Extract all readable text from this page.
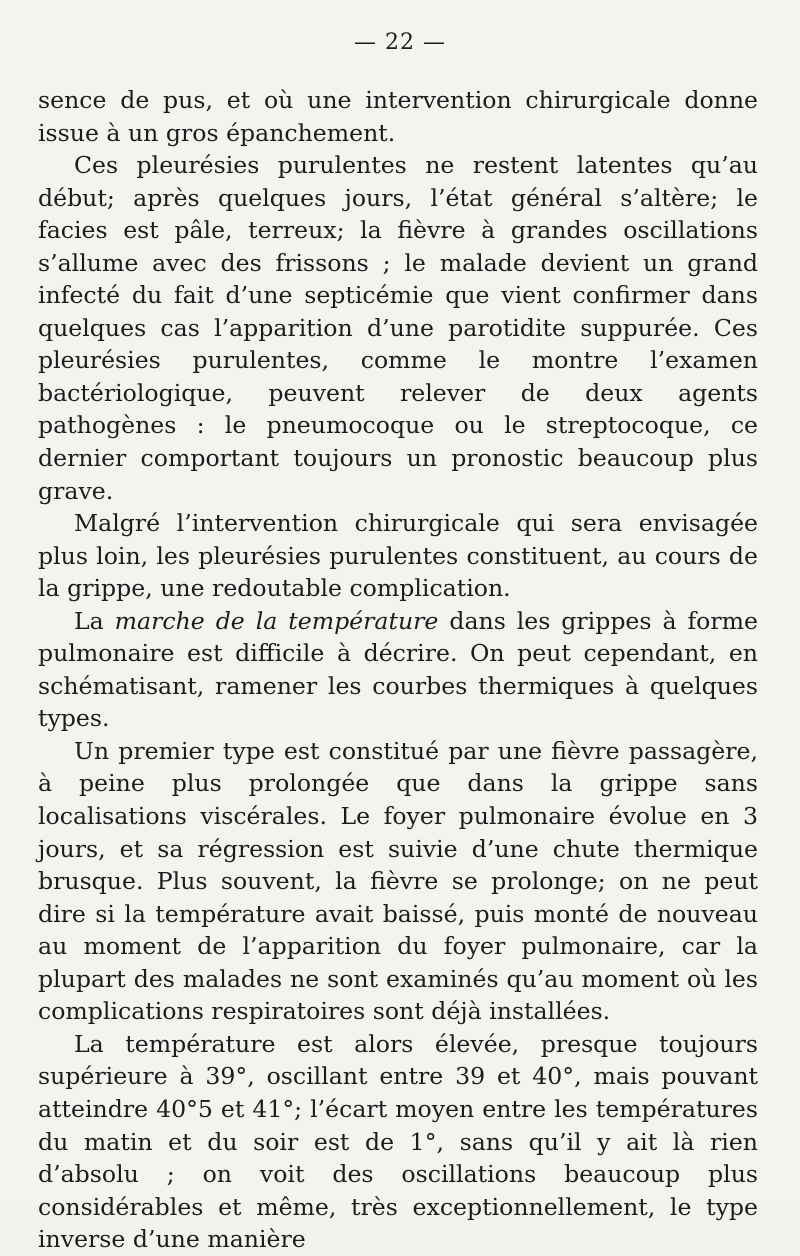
— 22 —

sence de pus, et où une intervention chirurgicale donne issue à un gros épanchement.

Ces pleurésies purulentes ne restent latentes qu’au début; après quelques jours, l’état général s’altère; le facies est pâle, terreux; la fièvre à grandes oscillations s’allume avec des frissons ; le malade devient un grand infecté du fait d’une septicémie que vient confirmer dans quelques cas l’apparition d’une parotidite suppurée. Ces pleurésies purulentes, comme le montre l’examen bactériologique, peuvent relever de deux agents pathogènes : le pneumocoque ou le streptocoque, ce dernier comportant toujours un pronostic beaucoup plus grave.

Malgré l’intervention chirurgicale qui sera envisagée plus loin, les pleurésies purulentes constituent, au cours de la grippe, une redoutable complication.

La marche de la température dans les grippes à forme pulmonaire est difficile à décrire. On peut cependant, en schématisant, ramener les courbes thermiques à quelques types.

Un premier type est constitué par une fièvre passagère, à peine plus prolongée que dans la grippe sans localisations viscérales. Le foyer pulmonaire évolue en 3 jours, et sa régression est suivie d’une chute thermique brusque. Plus souvent, la fièvre se prolonge; on ne peut dire si la température avait baissé, puis monté de nouveau au moment de l’apparition du foyer pulmonaire, car la plupart des malades ne sont examinés qu’au moment où les complications respiratoires sont déjà installées.

La température est alors élevée, presque toujours supérieure à 39°, oscillant entre 39 et 40°, mais pouvant atteindre 40°5 et 41°; l’écart moyen entre les températures du matin et du soir est de 1°, sans qu’il y ait là rien d’absolu ; on voit des oscillations beaucoup plus considérables et même, très exceptionnellement, le type inverse d’une manière
